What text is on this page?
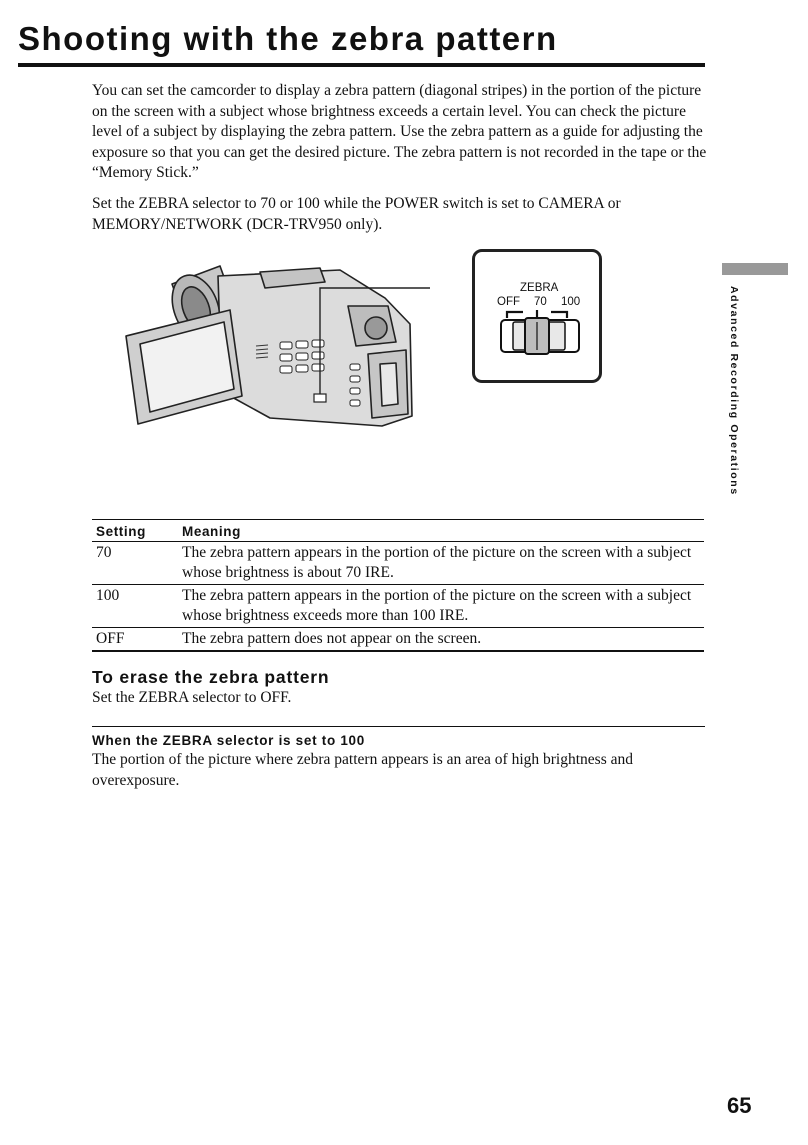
Shooting with the zebra pattern

You can set the camcorder to display a zebra pattern (diagonal stripes) in the portion of the picture on the screen with a subject whose brightness exceeds a certain level. You can check the picture level of a subject by displaying the zebra pattern. Use the zebra pattern as a guide for adjusting the exposure so that you can get the desired picture. The zebra pattern is not recorded in the tape or the “Memory Stick.”

Set the ZEBRA selector to 70 or 100 while the POWER switch is set to CAMERA or MEMORY/NETWORK (DCR-TRV950 only).

Advanced Recording Operations
ZEBRA
OFF 70 100
Setting	Meaning
70	The zebra pattern appears in the portion of the picture on the screen with a subject whose brightness is about 70 IRE.
100	The zebra pattern appears in the portion of the picture on the screen with a subject whose brightness exceeds more than 100 IRE.
OFF	The zebra pattern does not appear on the screen.
To erase the zebra pattern

Set the ZEBRA selector to OFF.

When the ZEBRA selector is set to 100

The portion of the picture where zebra pattern appears is an area of high brightness and overexposure.

65
